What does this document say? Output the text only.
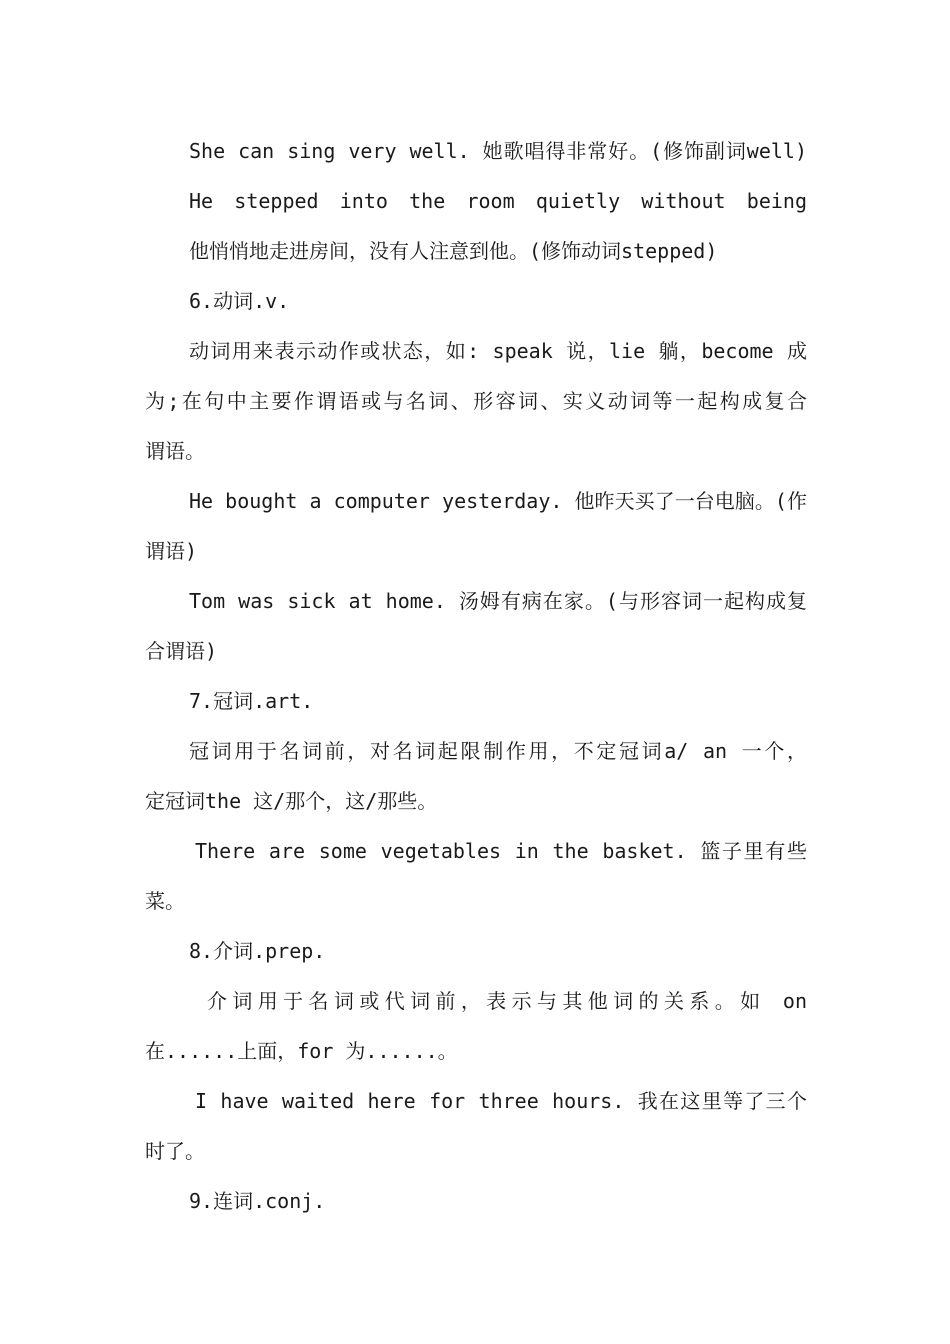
She can sing very well. 她歌唱得非常好。(修饰副词well)
He stepped into the room quietly without being
他悄悄地走进房间，没有人注意到他。(修饰动词stepped)
6.动词.v.
动词用来表示动作或状态，如: speak 说，lie 躺，become 成
为;在句中主要作谓语或与名词、形容词、实义动词等一起构成复合
谓语。
He bought a computer yesterday. 他昨天买了一台电脑。(作
谓语)
Tom was sick at home. 汤姆有病在家。(与形容词一起构成复
合谓语)
7.冠词.art.
冠词用于名词前，对名词起限制作用，不定冠词a/ an 一个，
定冠词the 这/那个，这/那些。
There are some vegetables in the basket. 篮子里有些
菜。
8.介词.prep.
介词用于名词或代词前，表示与其他词的关系。如 on
在......上面，for 为......。
I have waited here for three hours. 我在这里等了三个
时了。
9.连词.conj.
